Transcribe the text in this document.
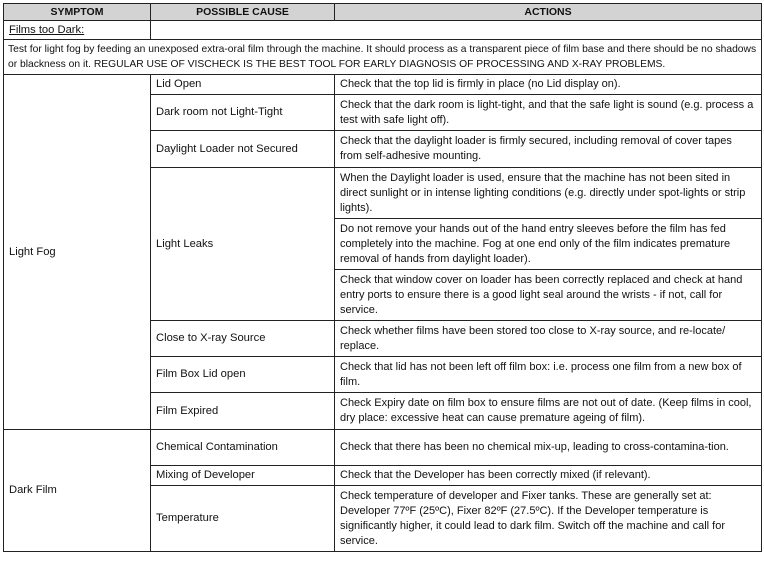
SYMPTOM	POSSIBLE CAUSE	ACTIONS
Films too Dark:		
Test for light fog by feeding an unexposed extra-oral film through the machine. It should process as a transparent piece of film base and there should be no shadows or blackness on it. REGULAR USE OF VISCHECK IS THE BEST TOOL FOR EARLY DIAGNOSIS OF PROCESSING AND X-RAY PROBLEMS.		
Light Fog	Lid Open	Check that the top lid is firmly in place (no Lid display on).
	Dark room not Light-Tight	Check that the dark room is light-tight, and that the safe light is sound (e.g. process a test with safe light off).
	Daylight Loader not Secured	Check that the daylight loader is firmly secured, including removal of cover tapes from self-adhesive mounting.
	Light Leaks	When the Daylight loader is used, ensure that the machine has not been sited in direct sunlight or in intense lighting conditions (e.g. directly under spot-lights or strip lights).
		Do not remove your hands out of the hand entry sleeves before the film has fed completely into the machine. Fog at one end only of the film indicates premature removal of hands from daylight loader).
		Check that window cover on loader has been correctly replaced and check at hand entry ports to ensure there is a good light seal around the wrists - if not, call for service.
	Close to X-ray Source	Check whether films have been stored too close to X-ray source, and re-locate/ replace.
	Film Box Lid open	Check that lid has not been left off film box: i.e. process one film from a new box of film.
	Film Expired	Check Expiry date on film box to ensure films are not out of date. (Keep films in cool, dry place: excessive heat can cause premature ageing of film).
Dark Film	Chemical Contamination	Check that there has been no chemical mix-up, leading to cross-contamina-tion.
	Mixing of Developer	Check that the Developer has been correctly mixed (if relevant).
	Temperature	Check temperature of developer and Fixer tanks. These are generally set at: Developer 77ºF (25ºC), Fixer 82ºF (27.5ºC). If the Developer temperature is significantly higher, it could lead to dark film. Switch off the machine and call for service.
